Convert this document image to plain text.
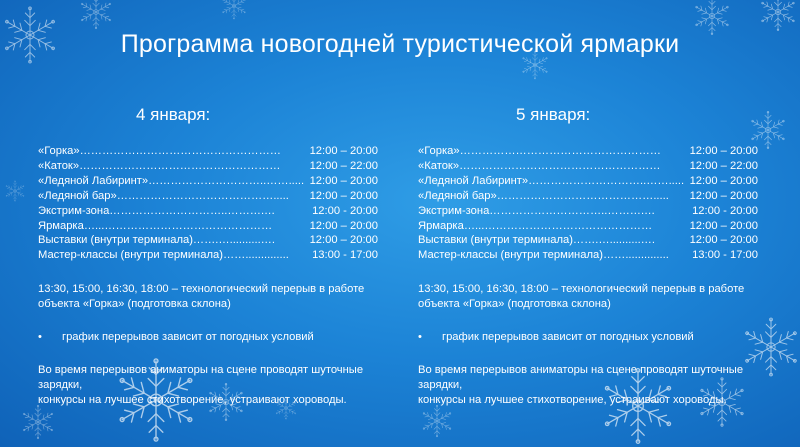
Программа новогодней туристической ярмарки
4 января:
«Горка» ………………………………………………	12:00 – 20:00
«Каток» ………………………………………………	12:00 – 22:00
«Ледяной Лабиринт» …………………………..……..... 12:00 – 20:00
«Ледяной бар» …………………………………….....	12:00 – 20:00
Экстрим-зона …………………………..……….…	12:00 - 20:00
Ярмарка …...………………………………………	12:00 – 20:00
Выставки (внутри терминала) …….…..........….	12:00 – 20:00
Мастер-классы (внутри терминала) ……..............	13:00 - 17:00
13:30, 15:00, 16:30, 18:00 – технологический перерыв в работе
объекта «Горка» (подготовка склона)
•	график перерывов зависит от погодных условий
Во время перерывов аниматоры на сцене проводят шуточные зарядки,
конкурсы на лучшее стихотворение, устраивают хороводы.
5 января:
«Горка» ………………………………………………	12:00 – 20:00
«Каток» ………………………………………………	12:00 – 22:00
«Ледяной Лабиринт» …………………………..……..... 12:00 – 20:00
«Ледяной бар» …………………………………….....	12:00 – 20:00
Экстрим-зона …………………………..……….…	12:00 - 20:00
Ярмарка …...………………………………………	12:00 – 20:00
Выставки (внутри терминала) …….…..........….	12:00 – 20:00
Мастер-классы (внутри терминала) ……..............	13:00 - 17:00
13:30, 15:00, 16:30, 18:00 – технологический перерыв в работе
объекта «Горка» (подготовка склона)
•	график перерывов зависит от погодных условий
Во время перерывов аниматоры на сцене проводят шуточные зарядки,
конкурсы на лучшее стихотворение, устраивают хороводы.
